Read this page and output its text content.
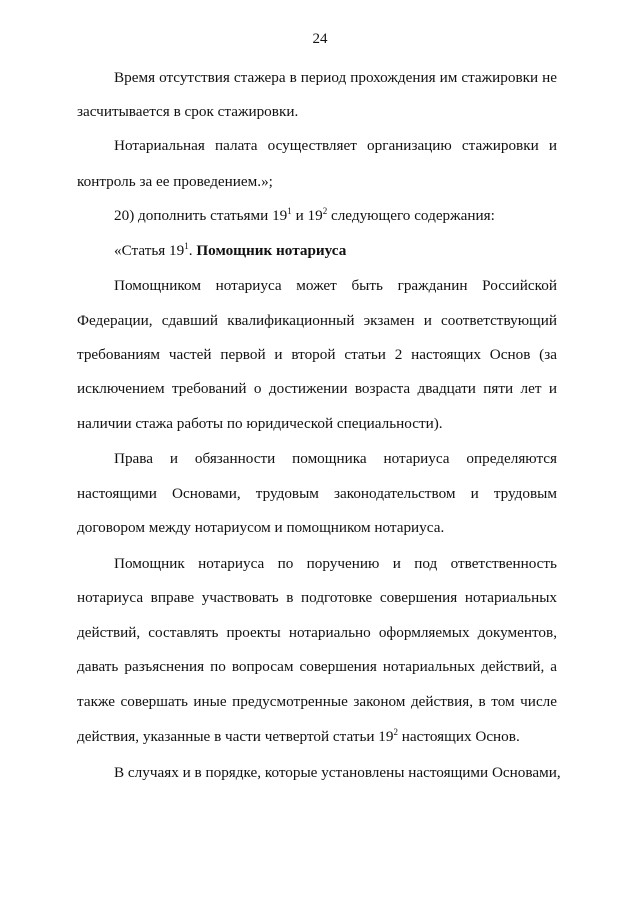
24
Время отсутствия стажера в период прохождения им стажировки не
засчитывается в срок стажировки.
Нотариальная палата осуществляет организацию стажировки и
контроль за ее проведением.»;
20) дополнить статьями $19^1$ и $19^2$ следующего содержания:
«Статья $19^1$. Помощник нотариуса
Помощником нотариуса может быть гражданин Российской
Федерации, сдавший квалификационный экзамен и соответствующий
требованиям частей первой и второй статьи 2 настоящих Основ (за
исключением требований о достижении возраста двадцати пяти лет и
наличии стажа работы по юридической специальности).
Права и обязанности помощника нотариуса определяются
настоящими Основами, трудовым законодательством и трудовым
договором между нотариусом и помощником нотариуса.
Помощник нотариуса по поручению и под ответственность
нотариуса вправе участвовать в подготовке совершения нотариальных
действий, составлять проекты нотариально оформляемых документов,
давать разъяснения по вопросам совершения нотариальных действий, а
также совершать иные предусмотренные законом действия, в том числе
действия, указанные в части четвертой статьи $19^2$ настоящих Основ.
В случаях и в порядке, которые установлены настоящими Основами,
